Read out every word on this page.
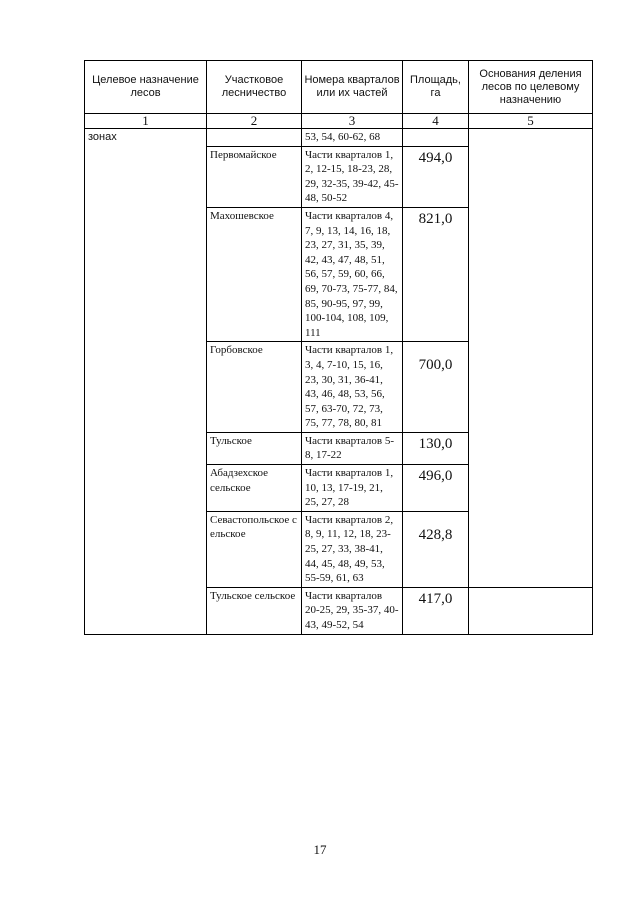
Целевое назначение лесов	Участковое лесничество	Номера кварталов или их частей	Площадь, га	Основания деления лесов по целевому назначению
1	2	3	4	5
зонах		53, 54, 60-62, 68		
	Первомайское	Части кварталов 1, 2, 12-15, 18-23, 28, 29, 32-35, 39-42, 45-48, 50-52	494,0	
	Махошевское	Части кварталов 4, 7, 9, 13, 14, 16, 18, 23, 27, 31, 35, 39, 42, 43, 47, 48, 51, 56, 57, 59, 60, 66, 69, 70-73, 75-77, 84, 85, 90-95, 97, 99, 100-104, 108, 109, 111	821,0	
	Горбовское	Части кварталов 1, 3, 4, 7-10, 15, 16, 23, 30, 31, 36-41, 43, 46, 48, 53, 56, 57, 63-70, 72, 73, 75, 77, 78, 80, 81	700,0	
	Тульское	Части кварталов 5-8, 17-22	130,0	
	Абадзехское сельское	Части кварталов 1, 10, 13, 17-19, 21, 25, 27, 28	496,0	
	Севастопольское сельское	Части кварталов 2, 8, 9, 11, 12, 18, 23-25, 27, 33, 38-41, 44, 45, 48, 49, 53, 55-59, 61, 63	428,8	
	Тульское сельское	Части кварталов 20-25, 29, 35-37, 40-43, 49-52, 54	417,0	
17
